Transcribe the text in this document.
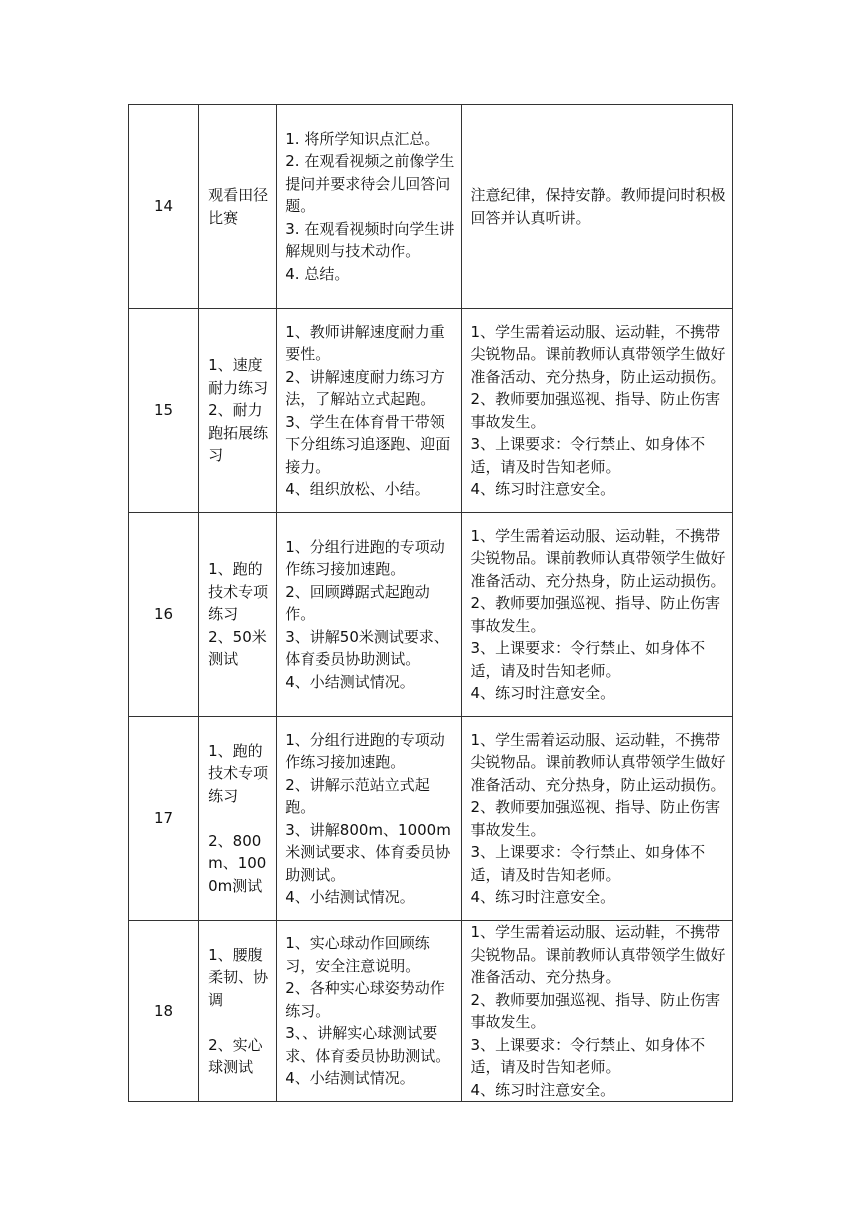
14	观看田径比赛	1. 将所学知识点汇总。
2. 在观看视频之前像学生提问并要求待会儿回答问题。
3. 在观看视频时向学生讲解规则与技术动作。
4. 总结。	注意纪律，保持安静。教师提问时积极回答并认真听讲。

15	1、速度耐力练习
2、耐力跑拓展练习	1、教师讲解速度耐力重要性。
2、讲解速度耐力练习方法，了解站立式起跑。
3、学生在体育骨干带领下分组练习追逐跑、迎面接力。
4、组织放松、小结。	1、学生需着运动服、运动鞋，不携带尖锐物品。课前教师认真带领学生做好准备活动、充分热身，防止运动损伤。
2、教师要加强巡视、指导、防止伤害事故发生。
3、上课要求：令行禁止、如身体不适，请及时告知老师。
4、练习时注意安全。

16	1、跑的技术专项练习
2、50米测试	1、分组行进跑的专项动作练习接加速跑。
2、回顾蹲踞式起跑动作。
3、讲解50米测试要求、体育委员协助测试。
4、小结测试情况。	1、学生需着运动服、运动鞋，不携带尖锐物品。课前教师认真带领学生做好准备活动、充分热身，防止运动损伤。
2、教师要加强巡视、指导、防止伤害事故发生。
3、上课要求：令行禁止、如身体不适，请及时告知老师。
4、练习时注意安全。

17	1、跑的技术专项练习
2、800m、1000m测试	1、分组行进跑的专项动作练习接加速跑。
2、讲解示范站立式起跑。
3、讲解800m、1000m米测试要求、体育委员协助测试。
4、小结测试情况。	1、学生需着运动服、运动鞋，不携带尖锐物品。课前教师认真带领学生做好准备活动、充分热身，防止运动损伤。
2、教师要加强巡视、指导、防止伤害事故发生。
3、上课要求：令行禁止、如身体不适，请及时告知老师。
4、练习时注意安全。

18	1、腰腹柔韧、协调
2、实心球测试	1、实心球动作回顾练习，安全注意说明。
2、各种实心球姿势动作练习。
3、、讲解实心球测试要求、体育委员协助测试。
4、小结测试情况。	1、学生需着运动服、运动鞋，不携带尖锐物品。课前教师认真带领学生做好准备活动、充分热身。
2、教师要加强巡视、指导、防止伤害事故发生。
3、上课要求：令行禁止、如身体不适，请及时告知老师。
4、练习时注意安全。
